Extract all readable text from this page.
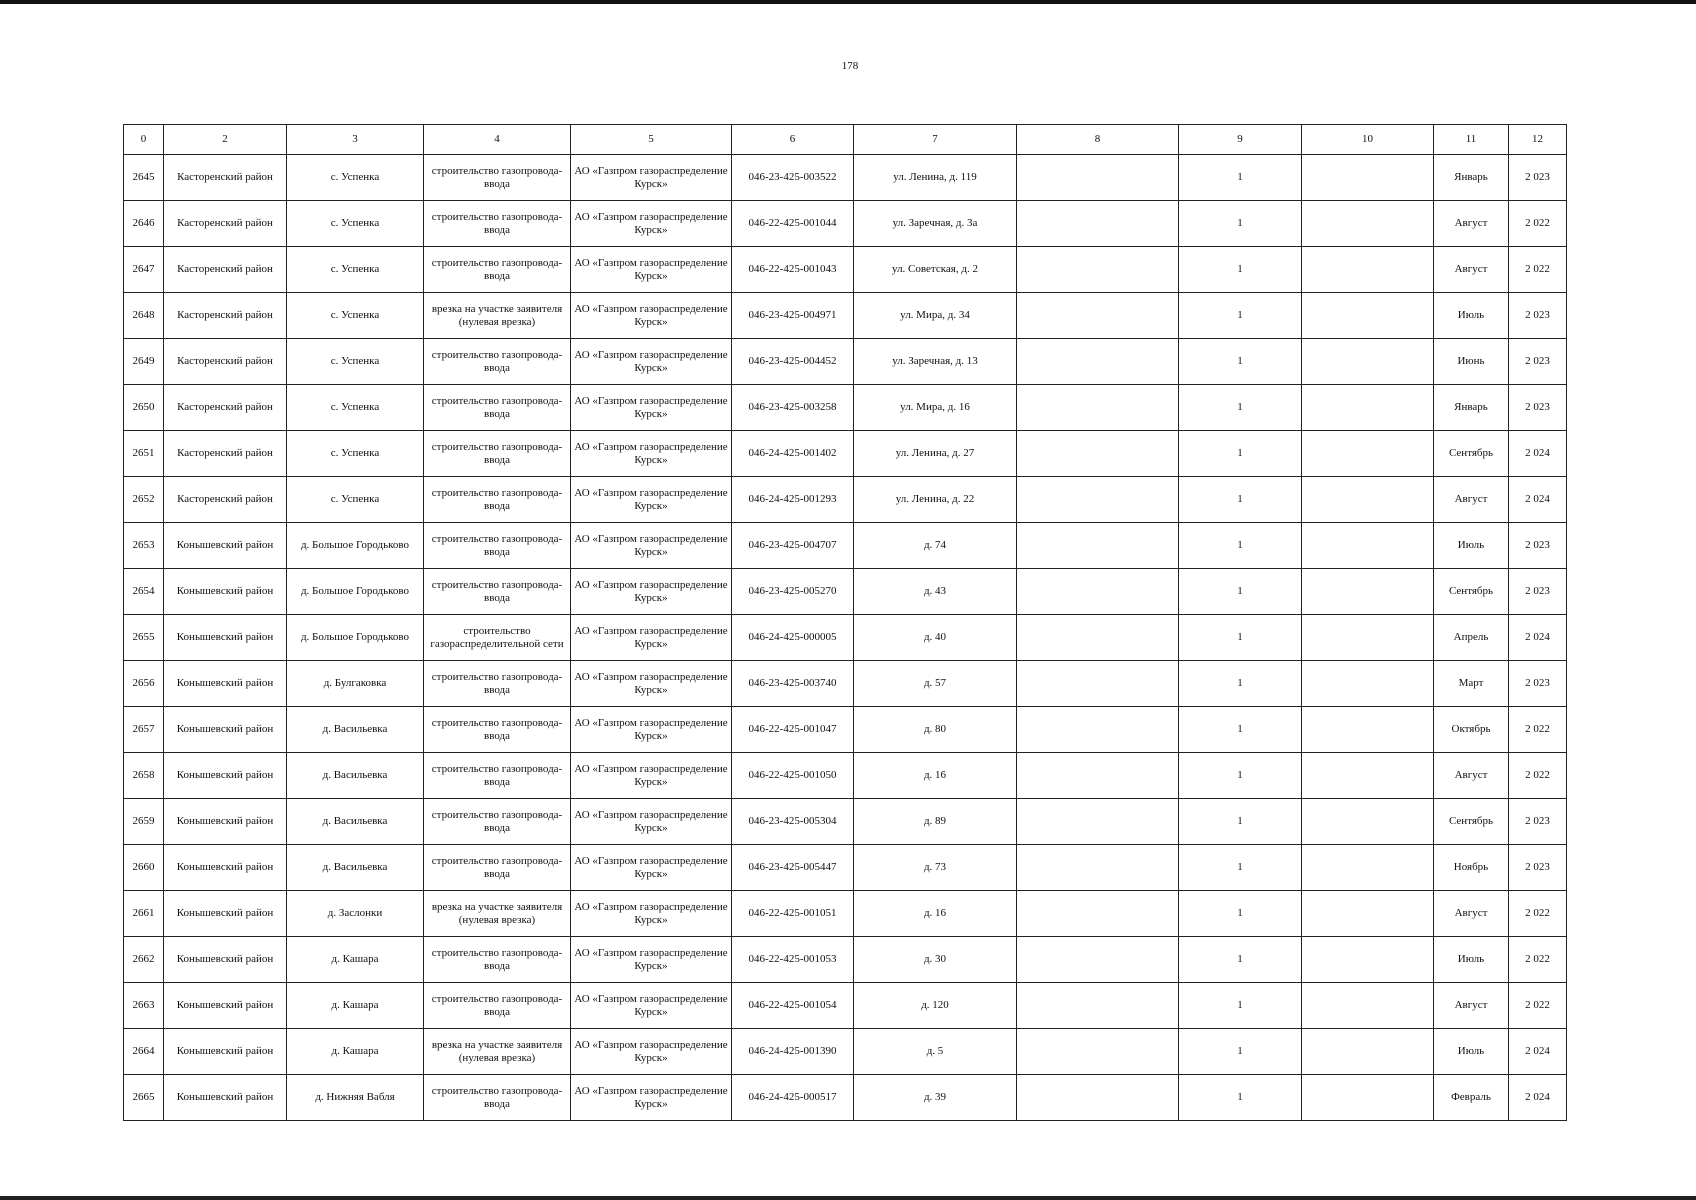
178
0	2	3	4	5	6	7	8	9	10	11	12
2645	Касторенский район	с. Успенка	строительство газопровода-ввода	АО «Газпром газораспределение Курск»	046-23-425-003522	ул. Ленина, д. 119		1		Январь	2 023
2646	Касторенский район	с. Успенка	строительство газопровода-ввода	АО «Газпром газораспределение Курск»	046-22-425-001044	ул. Заречная, д. 3а		1		Август	2 022
2647	Касторенский район	с. Успенка	строительство газопровода-ввода	АО «Газпром газораспределение Курск»	046-22-425-001043	ул. Советская, д. 2		1		Август	2 022
2648	Касторенский район	с. Успенка	врезка на участке заявителя (нулевая врезка)	АО «Газпром газораспределение Курск»	046-23-425-004971	ул. Мира, д. 34		1		Июль	2 023
2649	Касторенский район	с. Успенка	строительство газопровода-ввода	АО «Газпром газораспределение Курск»	046-23-425-004452	ул. Заречная, д. 13		1		Июнь	2 023
2650	Касторенский район	с. Успенка	строительство газопровода-ввода	АО «Газпром газораспределение Курск»	046-23-425-003258	ул. Мира, д. 16		1		Январь	2 023
2651	Касторенский район	с. Успенка	строительство газопровода-ввода	АО «Газпром газораспределение Курск»	046-24-425-001402	ул. Ленина, д. 27		1		Сентябрь	2 024
2652	Касторенский район	с. Успенка	строительство газопровода-ввода	АО «Газпром газораспределение Курск»	046-24-425-001293	ул. Ленина, д. 22		1		Август	2 024
2653	Конышевский район	д. Большое Городьково	строительство газопровода-ввода	АО «Газпром газораспределение Курск»	046-23-425-004707	д. 74		1		Июль	2 023
2654	Конышевский район	д. Большое Городьково	строительство газопровода-ввода	АО «Газпром газораспределение Курск»	046-23-425-005270	д. 43		1		Сентябрь	2 023
2655	Конышевский район	д. Большое Городьково	строительство газораспределительной сети	АО «Газпром газораспределение Курск»	046-24-425-000005	д. 40		1		Апрель	2 024
2656	Конышевский район	д. Булгаковка	строительство газопровода-ввода	АО «Газпром газораспределение Курск»	046-23-425-003740	д. 57		1		Март	2 023
2657	Конышевский район	д. Васильевка	строительство газопровода-ввода	АО «Газпром газораспределение Курск»	046-22-425-001047	д. 80		1		Октябрь	2 022
2658	Конышевский район	д. Васильевка	строительство газопровода-ввода	АО «Газпром газораспределение Курск»	046-22-425-001050	д. 16		1		Август	2 022
2659	Конышевский район	д. Васильевка	строительство газопровода-ввода	АО «Газпром газораспределение Курск»	046-23-425-005304	д. 89		1		Сентябрь	2 023
2660	Конышевский район	д. Васильевка	строительство газопровода-ввода	АО «Газпром газораспределение Курск»	046-23-425-005447	д. 73		1		Ноябрь	2 023
2661	Конышевский район	д. Заслонки	врезка на участке заявителя (нулевая врезка)	АО «Газпром газораспределение Курск»	046-22-425-001051	д. 16		1		Август	2 022
2662	Конышевский район	д. Кашара	строительство газопровода-ввода	АО «Газпром газораспределение Курск»	046-22-425-001053	д. 30		1		Июль	2 022
2663	Конышевский район	д. Кашара	строительство газопровода-ввода	АО «Газпром газораспределение Курск»	046-22-425-001054	д. 120		1		Август	2 022
2664	Конышевский район	д. Кашара	врезка на участке заявителя (нулевая врезка)	АО «Газпром газораспределение Курск»	046-24-425-001390	д. 5		1		Июль	2 024
2665	Конышевский район	д. Нижняя Вабля	строительство газопровода-ввода	АО «Газпром газораспределение Курск»	046-24-425-000517	д. 39		1		Февраль	2 024
